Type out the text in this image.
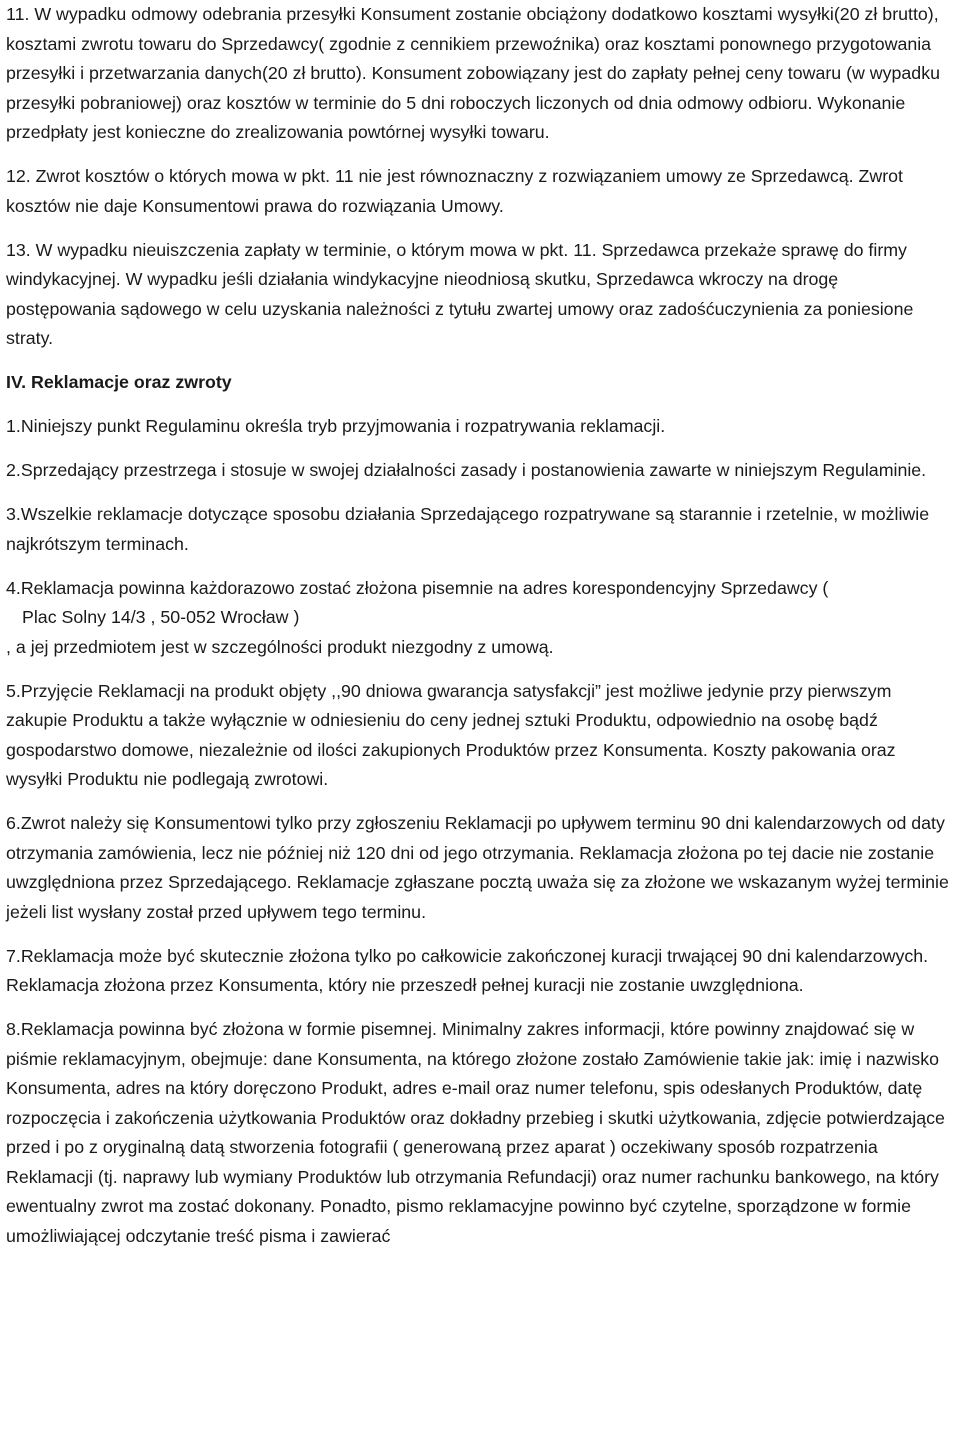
11. W wypadku odmowy odebrania przesyłki Konsument zostanie obciążony dodatkowo kosztami wysyłki(20 zł brutto), kosztami zwrotu towaru do Sprzedawcy( zgodnie z cennikiem przewoźnika) oraz kosztami ponownego przygotowania przesyłki i przetwarzania danych(20 zł brutto). Konsument zobowiązany jest do zapłaty pełnej ceny towaru (w wypadku przesyłki pobraniowej) oraz kosztów w terminie do 5 dni roboczych liczonych od dnia odmowy odbioru. Wykonanie przedpłaty jest konieczne do zrealizowania powtórnej wysyłki towaru.

12. Zwrot kosztów o których mowa w pkt. 11 nie jest równoznaczny z rozwiązaniem umowy ze Sprzedawcą. Zwrot kosztów nie daje Konsumentowi prawa do rozwiązania Umowy.

13. W wypadku nieuiszczenia zapłaty w terminie, o którym mowa w pkt. 11. Sprzedawca przekaże sprawę do firmy windykacyjnej. W wypadku jeśli działania windykacyjne nieodniosą skutku, Sprzedawca wkroczy na drogę postępowania sądowego w celu uzyskania należności z tytułu zwartej umowy oraz zadośćuczynienia za poniesione straty.

IV. Reklamacje oraz zwroty

1.Niniejszy punkt Regulaminu określa tryb przyjmowania i rozpatrywania reklamacji.

2.Sprzedający przestrzega i stosuje w swojej działalności zasady i postanowienia zawarte w niniejszym Regulaminie.

3.Wszelkie reklamacje dotyczące sposobu działania Sprzedającego rozpatrywane są starannie i rzetelnie, w możliwie najkrótszym terminach.

4.Reklamacja powinna każdorazowo zostać złożona pisemnie na adres korespondencyjny Sprzedawcy (

Plac Solny 14/3 , 50-052 Wrocław )

, a jej przedmiotem jest w szczególności produkt niezgodny z umową.

5.Przyjęcie Reklamacji na produkt objęty ,,90 dniowa gwarancja satysfakcji” jest możliwe jedynie przy pierwszym zakupie Produktu a także wyłącznie w odniesieniu do ceny jednej sztuki Produktu, odpowiednio na osobę bądź gospodarstwo domowe, niezależnie od ilości zakupionych Produktów przez Konsumenta. Koszty pakowania oraz wysyłki Produktu nie podlegają zwrotowi.

6.Zwrot należy się Konsumentowi tylko przy zgłoszeniu Reklamacji po upływem terminu 90 dni kalendarzowych od daty otrzymania zamówienia, lecz nie później niż 120 dni od jego otrzymania. Reklamacja złożona po tej dacie nie zostanie uwzględniona przez Sprzedającego. Reklamacje zgłaszane pocztą uważa się za złożone we wskazanym wyżej terminie jeżeli list wysłany został przed upływem tego terminu.

7.Reklamacja może być skutecznie złożona tylko po całkowicie zakończonej kuracji trwającej 90 dni kalendarzowych. Reklamacja złożona przez Konsumenta, który nie przeszedł pełnej kuracji nie zostanie uwzględniona.

8.Reklamacja powinna być złożona w formie pisemnej. Minimalny zakres informacji, które powinny znajdować się w piśmie reklamacyjnym, obejmuje: dane Konsumenta, na którego złożone zostało Zamówienie takie jak: imię i nazwisko Konsumenta, adres na który doręczono Produkt, adres e-mail oraz numer telefonu, spis odesłanych Produktów, datę rozpoczęcia i zakończenia użytkowania Produktów oraz dokładny przebieg i skutki użytkowania, zdjęcie potwierdzające przed i po z oryginalną datą stworzenia fotografii ( generowaną przez aparat ) oczekiwany sposób rozpatrzenia Reklamacji (tj. naprawy lub wymiany Produktów lub otrzymania Refundacji) oraz numer rachunku bankowego, na który ewentualny zwrot ma zostać dokonany. Ponadto, pismo reklamacyjne powinno być czytelne, sporządzone w formie umożliwiającej odczytanie treść pisma i zawierać
